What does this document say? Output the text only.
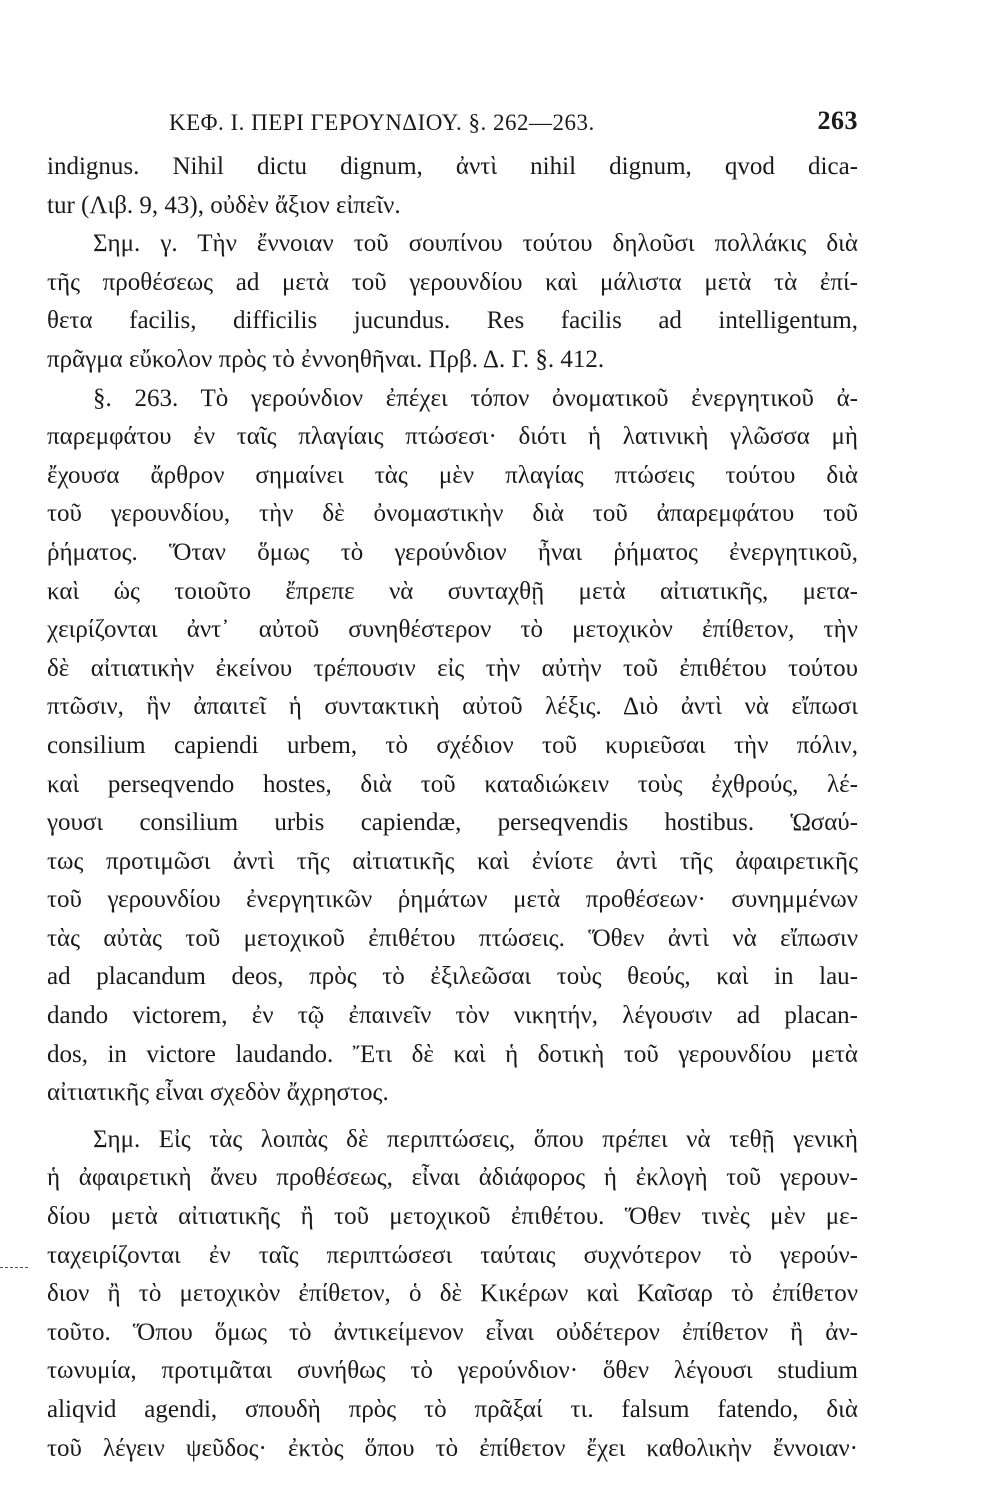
ΚΕΦ. Ι. ΠΕΡΙ ΓΕΡΟΥΝΔΙΟΥ. §. 262—263.	263
indignus. Nihil dictu dignum, ἀντὶ nihil dignum, qvod dica-
tur (Λιβ. 9, 43), οὐδὲν ἄξιον εἰπεῖν.
Σημ. γ. Τὴν ἔννοιαν τοῦ σουπίνου τούτου δηλοῦσι πολλάκις διὰ
τῆς προθέσεως ad μετὰ τοῦ γερουνδίου καὶ μάλιστα μετὰ τὰ ἐπί-
θετα facilis, difficilis jucundus. Res facilis ad intelligentum,
πρᾶγμα εὔκολον πρὸς τὸ ἐννοηθῆναι. Πρβ. Δ. Γ. §. 412.
§. 263. Τὸ γερούνδιον ἐπέχει τόπον ὀνοματικοῦ ἐνεργητικοῦ ἀ-
παρεμφάτου ἐν ταῖς πλαγίαις πτώσεσι· διότι ἡ λατινικὴ γλῶσσα μὴ
ἔχουσα ἄρθρον σημαίνει τὰς μὲν πλαγίας πτώσεις τούτου διὰ
τοῦ γερουνδίου, τὴν δὲ ὀνομαστικὴν διὰ τοῦ ἀπαρεμφάτου τοῦ
ῥήματος. Ὅταν ὅμως τὸ γερούνδιον ἦναι ῥήματος ἐνεργητικοῦ,
καὶ ὡς τοιοῦτο ἔπρεπε νὰ συνταχθῇ μετὰ αἰτιατικῆς, μετα-
χειρίζονται ἀντ᾿ αὐτοῦ συνηθέστερον τὸ μετοχικὸν ἐπίθετον, τὴν
δὲ αἰτιατικὴν ἐκείνου τρέπουσιν εἰς τὴν αὐτὴν τοῦ ἐπιθέτου τούτου
πτῶσιν, ἣν ἀπαιτεῖ ἡ συντακτικὴ αὐτοῦ λέξις. Διὸ ἀντὶ νὰ εἴπωσι
consilium capiendi urbem, τὸ σχέδιον τοῦ κυριεῦσαι τὴν πόλιν,
καὶ perseqvendo hostes, διὰ τοῦ καταδιώκειν τοὺς ἐχθρούς, λέ-
γουσι consilium urbis capiendæ, perseqvendis hostibus. Ὡσαύ-
τως προτιμῶσι ἀντὶ τῆς αἰτιατικῆς καὶ ἐνίοτε ἀντὶ τῆς ἀφαιρετικῆς
τοῦ γερουνδίου ἐνεργητικῶν ῥημάτων μετὰ προθέσεων· συνημμένων
τὰς αὐτὰς τοῦ μετοχικοῦ ἐπιθέτου πτώσεις. Ὅθεν ἀντὶ νὰ εἴπωσιν
ad placandum deos, πρὸς τὸ ἐξιλεῶσαι τοὺς θεούς, καὶ in lau-
dando victorem, ἐν τῷ ἐπαινεῖν τὸν νικητήν, λέγουσιν ad placan-
dos, in victore laudando. Ἔτι δὲ καὶ ἡ δοτικὴ τοῦ γερουνδίου μετὰ
αἰτιατικῆς εἶναι σχεδὸν ἄχρηστος.
Σημ. Εἰς τὰς λοιπὰς δὲ περιπτώσεις, ὅπου πρέπει νὰ τεθῇ γενικὴ
ἡ ἀφαιρετικὴ ἄνευ προθέσεως, εἶναι ἀδιάφορος ἡ ἐκλογὴ τοῦ γερουν-
δίου μετὰ αἰτιατικῆς ἢ τοῦ μετοχικοῦ ἐπιθέτου. Ὅθεν τινὲς μὲν με-
ταχειρίζονται ἐν ταῖς περιπτώσεσι ταύταις συχνότερον τὸ γερούν-
διον ἢ τὸ μετοχικὸν ἐπίθετον, ὁ δὲ Κικέρων καὶ Καῖσαρ τὸ ἐπίθετον
τοῦτο. Ὅπου ὅμως τὸ ἀντικείμενον εἶναι οὐδέτερον ἐπίθετον ἢ ἀν-
τωνυμία, προτιμᾶται συνήθως τὸ γερούνδιον· ὅθεν λέγουσι studium
aliqvid agendi, σπουδὴ πρὸς τὸ πρᾶξαί τι. falsum fatendo, διὰ
τοῦ λέγειν ψεῦδος· ἐκτὸς ὅπου τὸ ἐπίθετον ἔχει καθολικὴν ἔννοιαν·
